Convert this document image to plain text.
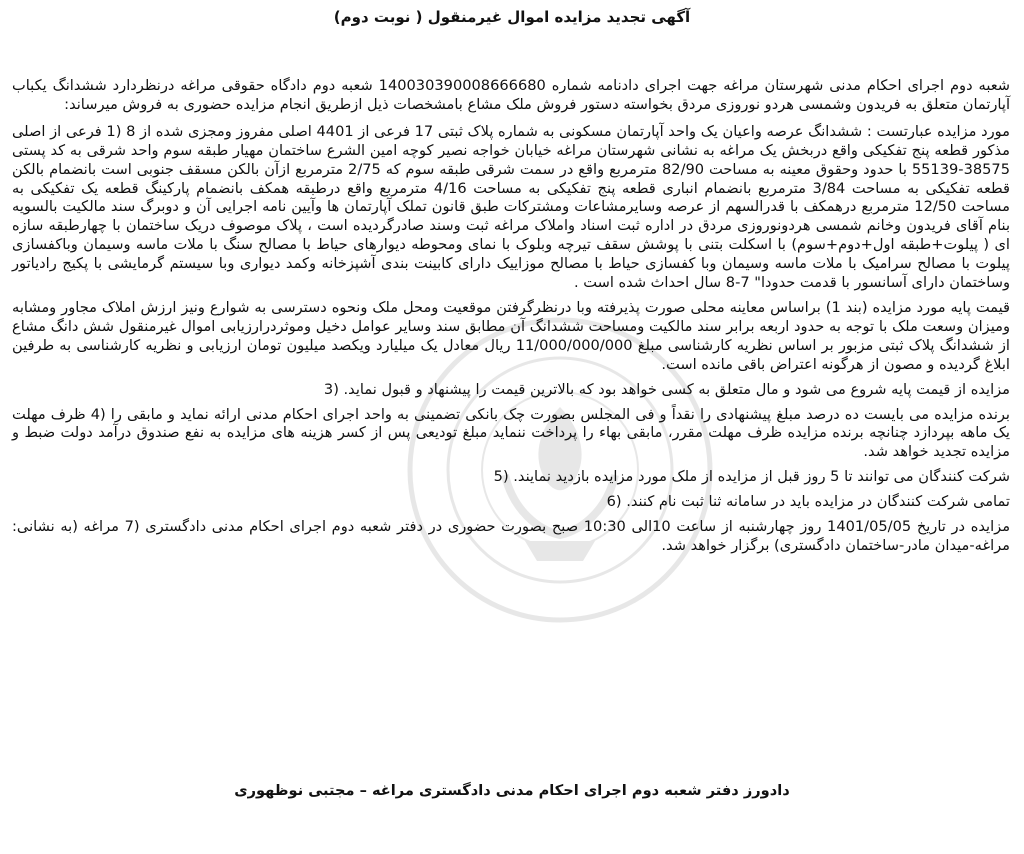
آگهی تجدید مزایده اموال غیرمنقول ( نوبت دوم)

شعبه دوم اجرای احکام مدنی شهرستان مراغه جهت اجرای دادنامه شماره 140030390008666680 شعبه دوم دادگاه حقوقی مراغه درنظردارد ششدانگ یکباب آپارتمان متعلق به فریدون وشمسی هردو نوروزی مردق بخواسته دستور فروش ملک مشاع بامشخصات ذیل ازطریق انجام مزایده حضوری به فروش میرساند:

مورد مزایده عبارتست : ششدانگ عرصه واعیان یک واحد آپارتمان مسکونی به شماره پلاک ثبتی 17 فرعی از 4401 اصلی مفروز ومجزی شده از 8 (1 فرعی از اصلی مذکور قطعه پنج تفکیکی واقع دربخش یک مراغه به نشانی شهرستان مراغه خیابان خواجه نصیر کوچه امین الشرع ساختمان مهیار طبقه سوم واحد شرقی به کد پستی 38575-55139 با حدود وحقوق معینه به مساحت 82/90 مترمربع واقع در سمت شرقی طبقه سوم که 2/75 مترمربع ازآن بالکن مسقف جنوبی است بانضمام بالکن قطعه تفکیکی به مساحت 3/84 مترمربع بانضمام انباری قطعه پنج تفکیکی به مساحت 4/16 مترمربع واقع درطبقه همکف بانضمام پارکینگ قطعه یک تفکیکی به مساحت 12/50 مترمربع درهمکف با قدرالسهم از عرصه وسایرمشاعات ومشترکات طبق قانون تملک آپارتمان ها وآیین نامه اجرایی آن و دوبرگ سند مالکیت بالسویه بنام آقای فریدون وخانم شمسی هردونوروزی مردق در اداره ثبت اسناد واملاک مراغه ثبت وسند صادرگردیده است ، پلاک موصوف دریک ساختمان با چهارطبقه سازه ای ( پیلوت+طبقه اول+دوم+سوم) با اسکلت بتنی با پوشش سقف تیرچه وبلوک با نمای ومحوطه دیوارهای حیاط با مصالح سنگ با ملات ماسه وسیمان وباکفسازی پیلوت با مصالح سرامیک با ملات ماسه وسیمان وبا کفسازی حیاط با مصالح موزاییک دارای کابینت بندی آشپزخانه وکمد دیواری وبا سیستم گرمایشی با پکیج رادیاتور وساختمان دارای آسانسور با قدمت حدودا" 7-8 سال احداث شده است .

قیمت پایه مورد مزایده (بند 1) براساس معاینه محلی صورت پذیرفته وبا درنظرگرفتن موقعیت ومحل ملک ونحوه دسترسی به شوارع ونیز ارزش املاک مجاور ومشابه ومیزان وسعت ملک با توجه به حدود اربعه برابر سند مالکیت ومساحت ششدانگ آن مطابق سند وسایر عوامل دخیل وموثردرارزیابی اموال غیرمنقول شش دانگ مشاع از ششدانگ پلاک ثبتی مزبور بر اساس نظریه کارشناسی مبلغ 11/000/000/000 ریال معادل یک میلیارد ویکصد میلیون تومان ارزیابی و نظریه کارشناسی به طرفین ابلاغ گردیده و مصون از هرگونه اعتراض باقی مانده است.

مزایده از قیمت پایه شروع می شود و مال متعلق به کسی خواهد بود که بالاترین قیمت را پیشنهاد و قبول نماید. (3

برنده مزایده می بایست ده درصد مبلغ پیشنهادی را نقداً و فی المجلس بصورت چک بانکی تضمینی به واحد اجرای احکام مدنی ارائه نماید و مابقی را (4 ظرف مهلت یک ماهه بپردازد چنانچه برنده مزایده ظرف مهلت مقرر، مابقی بهاء را پرداخت ننماید مبلغ تودیعی پس از کسر هزینه های مزایده به نفع صندوق درآمد دولت ضبط و مزایده تجدید خواهد شد.

شرکت کنندگان می توانند تا 5 روز قبل از مزایده از ملک مورد مزایده بازدید نمایند. (5

تمامی شرکت کنندگان در مزایده باید در سامانه ثنا ثبت نام کنند. (6

مزایده در تاریخ 1401/05/05 روز چهارشنبه از ساعت 10الی 10:30 صبح بصورت حضوری در دفتر شعبه دوم اجرای احکام مدنی دادگستری (7 مراغه (به نشانی: مراغه-میدان مادر-ساختمان دادگستری) برگزار خواهد شد.

دادورز دفتر شعبه دوم اجرای احکام مدنی دادگستری مراغه – مجتبی نوظهوری
